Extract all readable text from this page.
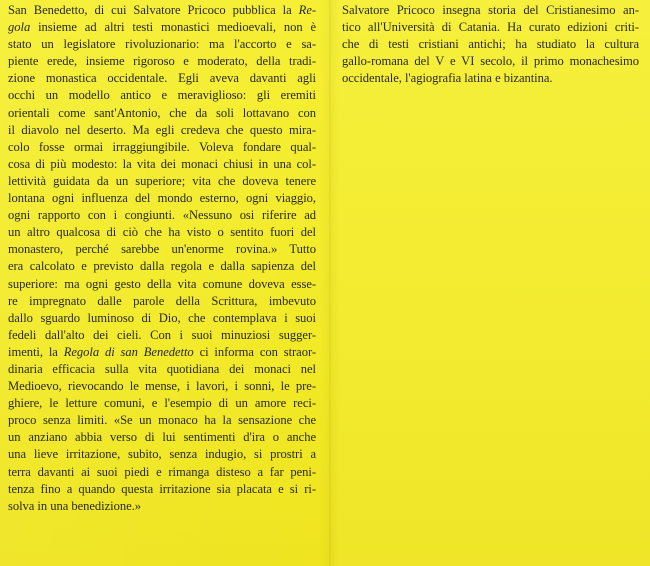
San Benedetto, di cui Salvatore Pricoco pubblica la Re-
gola insieme ad altri testi monastici medioevali, non è
stato un legislatore rivoluzionario: ma l'accorto e sa-
piente erede, insieme rigoroso e moderato, della tradi-
zione monastica occidentale. Egli aveva davanti agli
occhi un modello antico e meraviglioso: gli eremiti
orientali come sant'Antonio, che da soli lottavano con
il diavolo nel deserto. Ma egli credeva che questo mira-
colo fosse ormai irraggiungibile. Voleva fondare qual-
cosa di più modesto: la vita dei monaci chiusi in una col-
lettività guidata da un superiore; vita che doveva tenere
lontana ogni influenza del mondo esterno, ogni viaggio,
ogni rapporto con i congiunti. «Nessuno osi riferire ad
un altro qualcosa di ciò che ha visto o sentito fuori del
monastero, perché sarebbe un'enorme rovina.» Tutto
era calcolato e previsto dalla regola e dalla sapienza del
superiore: ma ogni gesto della vita comune doveva esse-
re impregnato dalle parole della Scrittura, imbevuto
dallo sguardo luminoso di Dio, che contemplava i suoi
fedeli dall'alto dei cieli. Con i suoi minuziosi sugger-
imenti, la Regola di san Benedetto ci informa con straor-
dinaria efficacia sulla vita quotidiana dei monaci nel
Medioevo, rievocando le mense, i lavori, i sonni, le pre-
ghiere, le letture comuni, e l'esempio di un amore reci-
proco senza limiti. «Se un monaco ha la sensazione che
un anziano abbia verso di lui sentimenti d'ira o anche
una lieve irritazione, subito, senza indugio, si prostri a
terra davanti ai suoi piedi e rimanga disteso a far peni-
tenza fino a quando questa irritazione sia placata e si ri-
solva in una benedizione.»
Salvatore Pricoco insegna storia del Cristianesimo an-
tico all'Università di Catania. Ha curato edizioni criti-
che di testi cristiani antichi; ha studiato la cultura
gallo-romana del V e VI secolo, il primo monachesimo
occidentale, l'agiografia latina e bizantina.
